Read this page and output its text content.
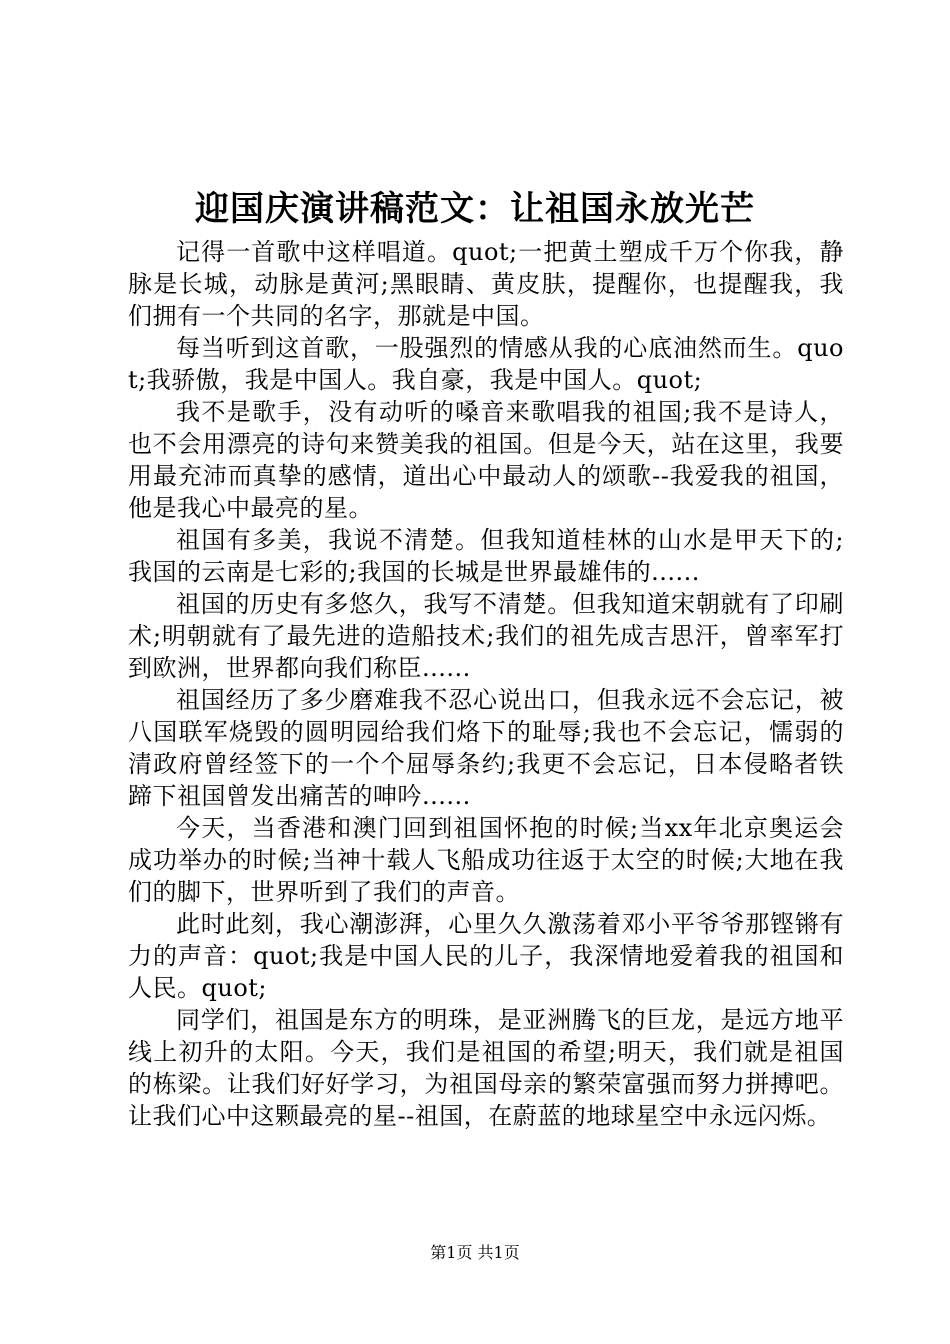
迎国庆演讲稿范文：让祖国永放光芒

记得一首歌中这样唱道。quot;一把黄土塑成千万个你我，静脉是长城，动脉是黄河;黑眼睛、黄皮肤，提醒你，也提醒我，我们拥有一个共同的名字，那就是中国。

每当听到这首歌，一股强烈的情感从我的心底油然而生。quot;我骄傲，我是中国人。我自豪，我是中国人。quot;

我不是歌手，没有动听的嗓音来歌唱我的祖国;我不是诗人，也不会用漂亮的诗句来赞美我的祖国。但是今天，站在这里，我要用最充沛而真挚的感情，道出心中最动人的颂歌--我爱我的祖国，他是我心中最亮的星。

祖国有多美，我说不清楚。但我知道桂林的山水是甲天下的;我国的云南是七彩的;我国的长城是世界最雄伟的......

祖国的历史有多悠久，我写不清楚。但我知道宋朝就有了印刷术;明朝就有了最先进的造船技术;我们的祖先成吉思汗，曾率军打到欧洲，世界都向我们称臣......

祖国经历了多少磨难我不忍心说出口，但我永远不会忘记，被八国联军烧毁的圆明园给我们烙下的耻辱;我也不会忘记，懦弱的清政府曾经签下的一个个屈辱条约;我更不会忘记，日本侵略者铁蹄下祖国曾发出痛苦的呻吟......

今天，当香港和澳门回到祖国怀抱的时候;当xx年北京奥运会成功举办的时候;当神十载人飞船成功往返于太空的时候;大地在我们的脚下，世界听到了我们的声音。

此时此刻，我心潮澎湃，心里久久激荡着邓小平爷爷那铿锵有力的声音：quot;我是中国人民的儿子，我深情地爱着我的祖国和人民。quot;

同学们，祖国是东方的明珠，是亚洲腾飞的巨龙，是远方地平线上初升的太阳。今天，我们是祖国的希望;明天，我们就是祖国的栋梁。让我们好好学习，为祖国母亲的繁荣富强而努力拼搏吧。让我们心中这颗最亮的星--祖国，在蔚蓝的地球星空中永远闪烁。

第1页 共1页
